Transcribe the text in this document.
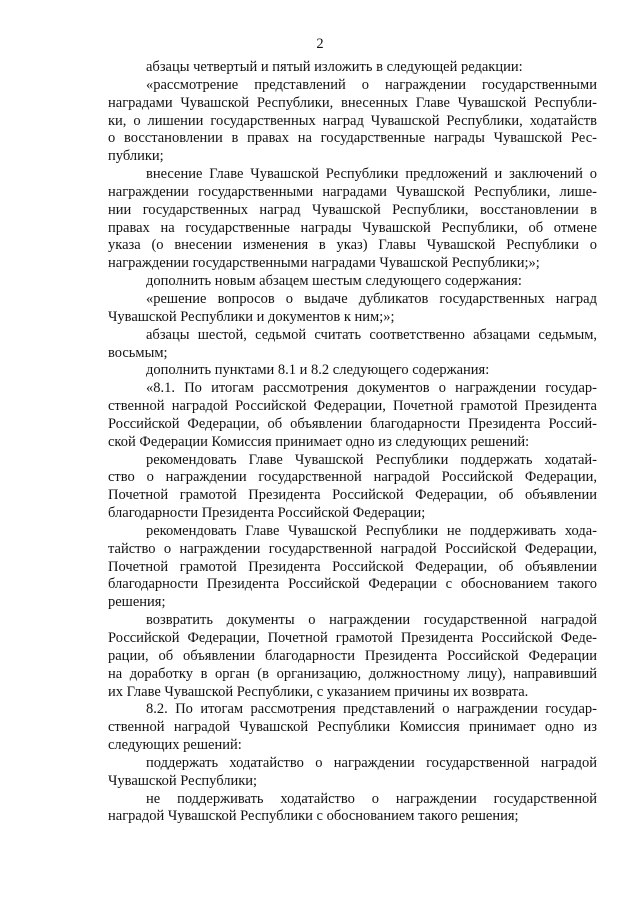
2
абзацы четвертый и пятый изложить в следующей редакции:
«рассмотрение представлений о награждении государственными
наградами Чувашской Республики, внесенных Главе Чувашской Республи-
ки, о лишении государственных наград Чувашской Республики, ходатайств
о восстановлении в правах на государственные награды Чувашской Рес-
публики;
внесение Главе Чувашской Республики предложений и заключений о
награждении государственными наградами Чувашской Республики, лише-
нии государственных наград Чувашской Республики, восстановлении в
правах на государственные награды Чувашской Республики, об отмене
указа (о внесении изменения в указ) Главы Чувашской Республики о
награждении государственными наградами Чувашской Республики;»;
дополнить новым абзацем шестым следующего содержания:
«решение вопросов о выдаче дубликатов государственных наград
Чувашской Республики и документов к ним;»;
абзацы шестой, седьмой считать соответственно абзацами седьмым,
восьмым;
дополнить пунктами 8.1 и 8.2 следующего содержания:
«8.1. По итогам рассмотрения документов о награждении государ-
ственной наградой Российской Федерации, Почетной грамотой Президента
Российской Федерации, об объявлении благодарности Президента Россий-
ской Федерации Комиссия принимает одно из следующих решений:
рекомендовать Главе Чувашской Республики поддержать ходатай-
ство о награждении государственной наградой Российской Федерации,
Почетной грамотой Президента Российской Федерации, об объявлении
благодарности Президента Российской Федерации;
рекомендовать Главе Чувашской Республики не поддерживать хода-
тайство о награждении государственной наградой Российской Федерации,
Почетной грамотой Президента Российской Федерации, об объявлении
благодарности Президента Российской Федерации с обоснованием такого
решения;
возвратить документы о награждении государственной наградой
Российской Федерации, Почетной грамотой Президента Российской Феде-
рации, об объявлении благодарности Президента Российской Федерации
на доработку в орган (в организацию, должностному лицу), направивший
их Главе Чувашской Республики, с указанием причины их возврата.
8.2. По итогам рассмотрения представлений о награждении государ-
ственной наградой Чувашской Республики Комиссия принимает одно из
следующих решений:
поддержать ходатайство о награждении государственной наградой
Чувашской Республики;
не поддерживать ходатайство о награждении государственной
наградой Чувашской Республики с обоснованием такого решения;
